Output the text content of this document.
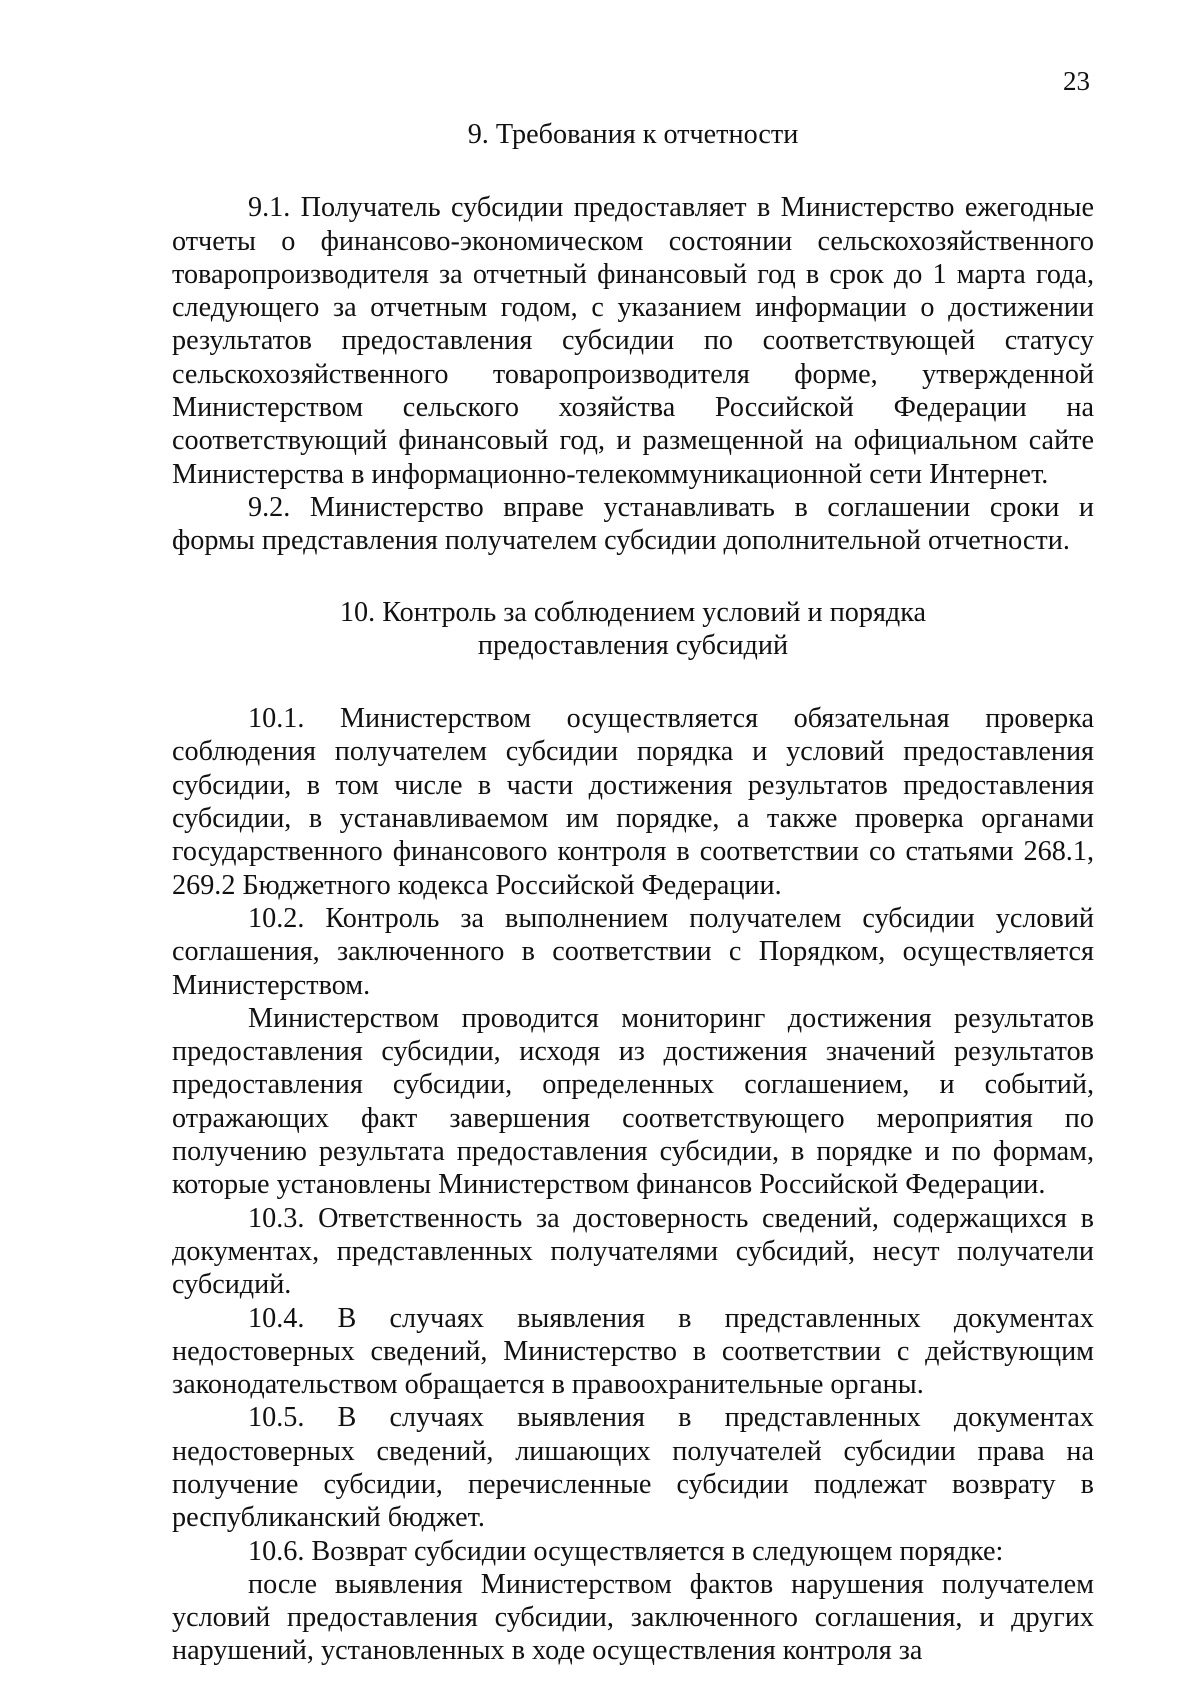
23
9. Требования к отчетности

9.1. Получатель субсидии предоставляет в Министерство ежегодные отчеты о финансово-экономическом состоянии сельскохозяйственного товаропроизводителя за отчетный финансовый год в срок до 1 марта года, следующего за отчетным годом, с указанием информации о достижении результатов предоставления субсидии по соответствующей статусу сельскохозяйственного товаропроизводителя форме, утвержденной Министерством сельского хозяйства Российской Федерации на соответствующий финансовый год, и размещенной на официальном сайте Министерства в информационно-телекоммуникационной сети Интернет.

9.2. Министерство вправе устанавливать в соглашении сроки и формы представления получателем субсидии дополнительной отчетности.

10. Контроль за соблюдением условий и порядка
предоставления субсидий

10.1. Министерством осуществляется обязательная проверка соблюдения получателем субсидии порядка и условий предоставления субсидии, в том числе в части достижения результатов предоставления субсидии, в устанавливаемом им порядке, а также проверка органами государственного финансового контроля в соответствии со статьями 268.1, 269.2 Бюджетного кодекса Российской Федерации.

10.2. Контроль за выполнением получателем субсидии условий соглашения, заключенного в соответствии с Порядком, осуществляется Министерством.

Министерством проводится мониторинг достижения результатов предоставления субсидии, исходя из достижения значений результатов предоставления субсидии, определенных соглашением, и событий, отражающих факт завершения соответствующего мероприятия по получению результата предоставления субсидии, в порядке и по формам, которые установлены Министерством финансов Российской Федерации.

10.3. Ответственность за достоверность сведений, содержащихся в документах, представленных получателями субсидий, несут получатели субсидий.

10.4. В случаях выявления в представленных документах недостоверных сведений, Министерство в соответствии с действующим законодательством обращается в правоохранительные органы.

10.5. В случаях выявления в представленных документах недостоверных сведений, лишающих получателей субсидии права на получение субсидии, перечисленные субсидии подлежат возврату в республиканский бюджет.

10.6. Возврат субсидии осуществляется в следующем порядке:

после выявления Министерством фактов нарушения получателем условий предоставления субсидии, заключенного соглашения, и других нарушений, установленных в ходе осуществления контроля за
